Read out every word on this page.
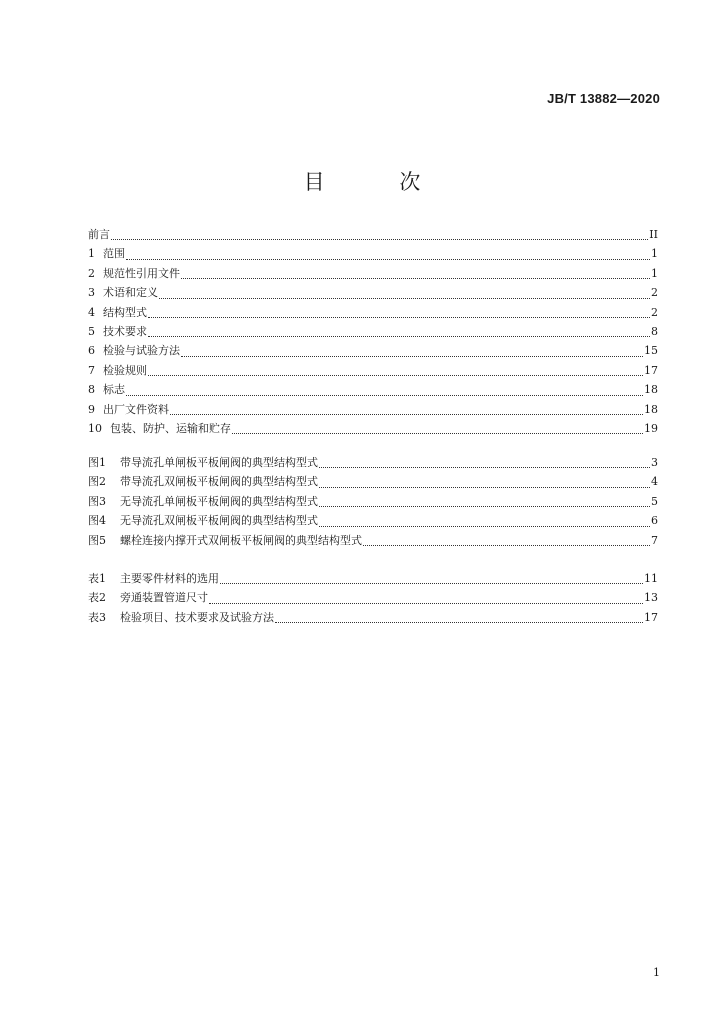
JB/T 13882—2020
目 次
前言	II
1 范围	1
2 规范性引用文件	1
3 术语和定义	2
4 结构型式	2
5 技术要求	8
6 检验与试验方法	15
7 检验规则	17
8 标志	18
9 出厂文件资料	18
10 包装、防护、运输和贮存	19
图1 带导流孔单闸板平板闸阀的典型结构型式	3
图2 带导流孔双闸板平板闸阀的典型结构型式	4
图3 无导流孔单闸板平板闸阀的典型结构型式	5
图4 无导流孔双闸板平板闸阀的典型结构型式	6
图5 螺栓连接内撑开式双闸板平板闸阀的典型结构型式	7
表1 主要零件材料的选用	11
表2 旁通装置管道尺寸	13
表3 检验项目、技术要求及试验方法	17
1
